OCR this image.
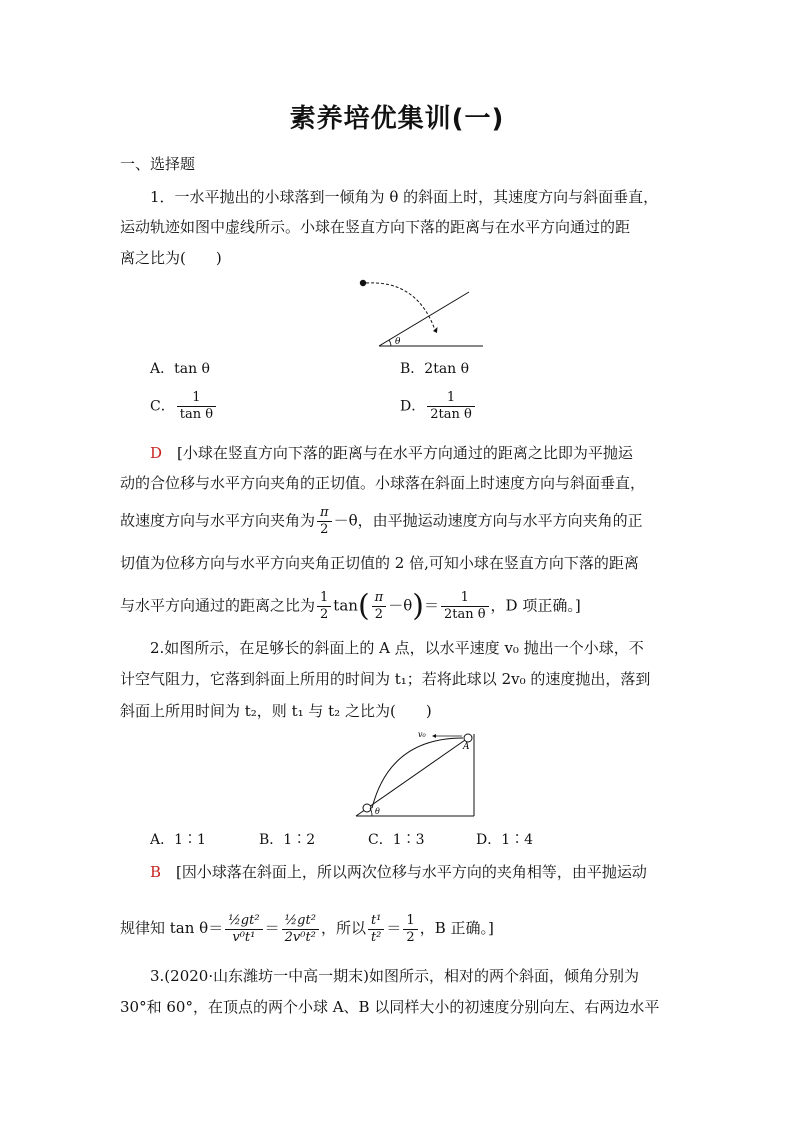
素养培优集训(一)
一、选择题
1．一水平抛出的小球落到一倾角为 θ 的斜面上时，其速度方向与斜面垂直，
运动轨迹如图中虚线所示。小球在竖直方向下落的距离与在水平方向通过的距
离之比为(　　)
θ
A．tan θ	B．2tan θ
C． $\frac{1}{\text{tan θ}}$	D． $\frac{1}{\text{2tan θ}}$
D　 [小球在竖直方向下落的距离与在水平方向通过的距离之比即为平抛运
动的合位移与水平方向夹角的正切值。小球落在斜面上时速度方向与斜面垂直，
故速度方向与水平方向夹角为 $\frac{\pi}{2} -\theta$，由平抛运动速度方向与水平方向夹角的正
切值为位移方向与水平方向夹角正切值的 2 倍,可知小球在竖直方向下落的距离
与水平方向通过的距离之比为 $\frac{1}{2} \tan( \frac{\pi}{2} -\theta)= \frac{1}{\text{2tan θ}}$ ，D 项正确。]
2.如图所示，在足够长的斜面上的 A 点，以水平速度 v₀ 抛出一个小球，不
计空气阻力，它落到斜面上所用的时间为 t₁；若将此球以 2v₀ 的速度抛出，落到
斜面上所用时间为 t₂，则 t₁ 与 t₂ 之比为(　　)
v₀
A
θ
A．1∶1	B．1∶2	C．1∶3	D．1∶4
B　 [因小球落在斜面上，所以两次位移与水平方向的夹角相等，由平抛运动
规律知 $\tan \theta= \frac{\text{½gt²}}{\text{v⁰t¹}} = \frac{\text{½gt²}}{\text{2v⁰t²}}$ ，所以 $\frac{\text{t¹}}{\text{t²}} = \frac{1}{2}$ ，B 正确。]
3.(2020·山东潍坊一中高一期末)如图所示，相对的两个斜面，倾角分别为
30°和 60°，在顶点的两个小球 A、B 以同样大小的初速度分别向左、右两边水平
